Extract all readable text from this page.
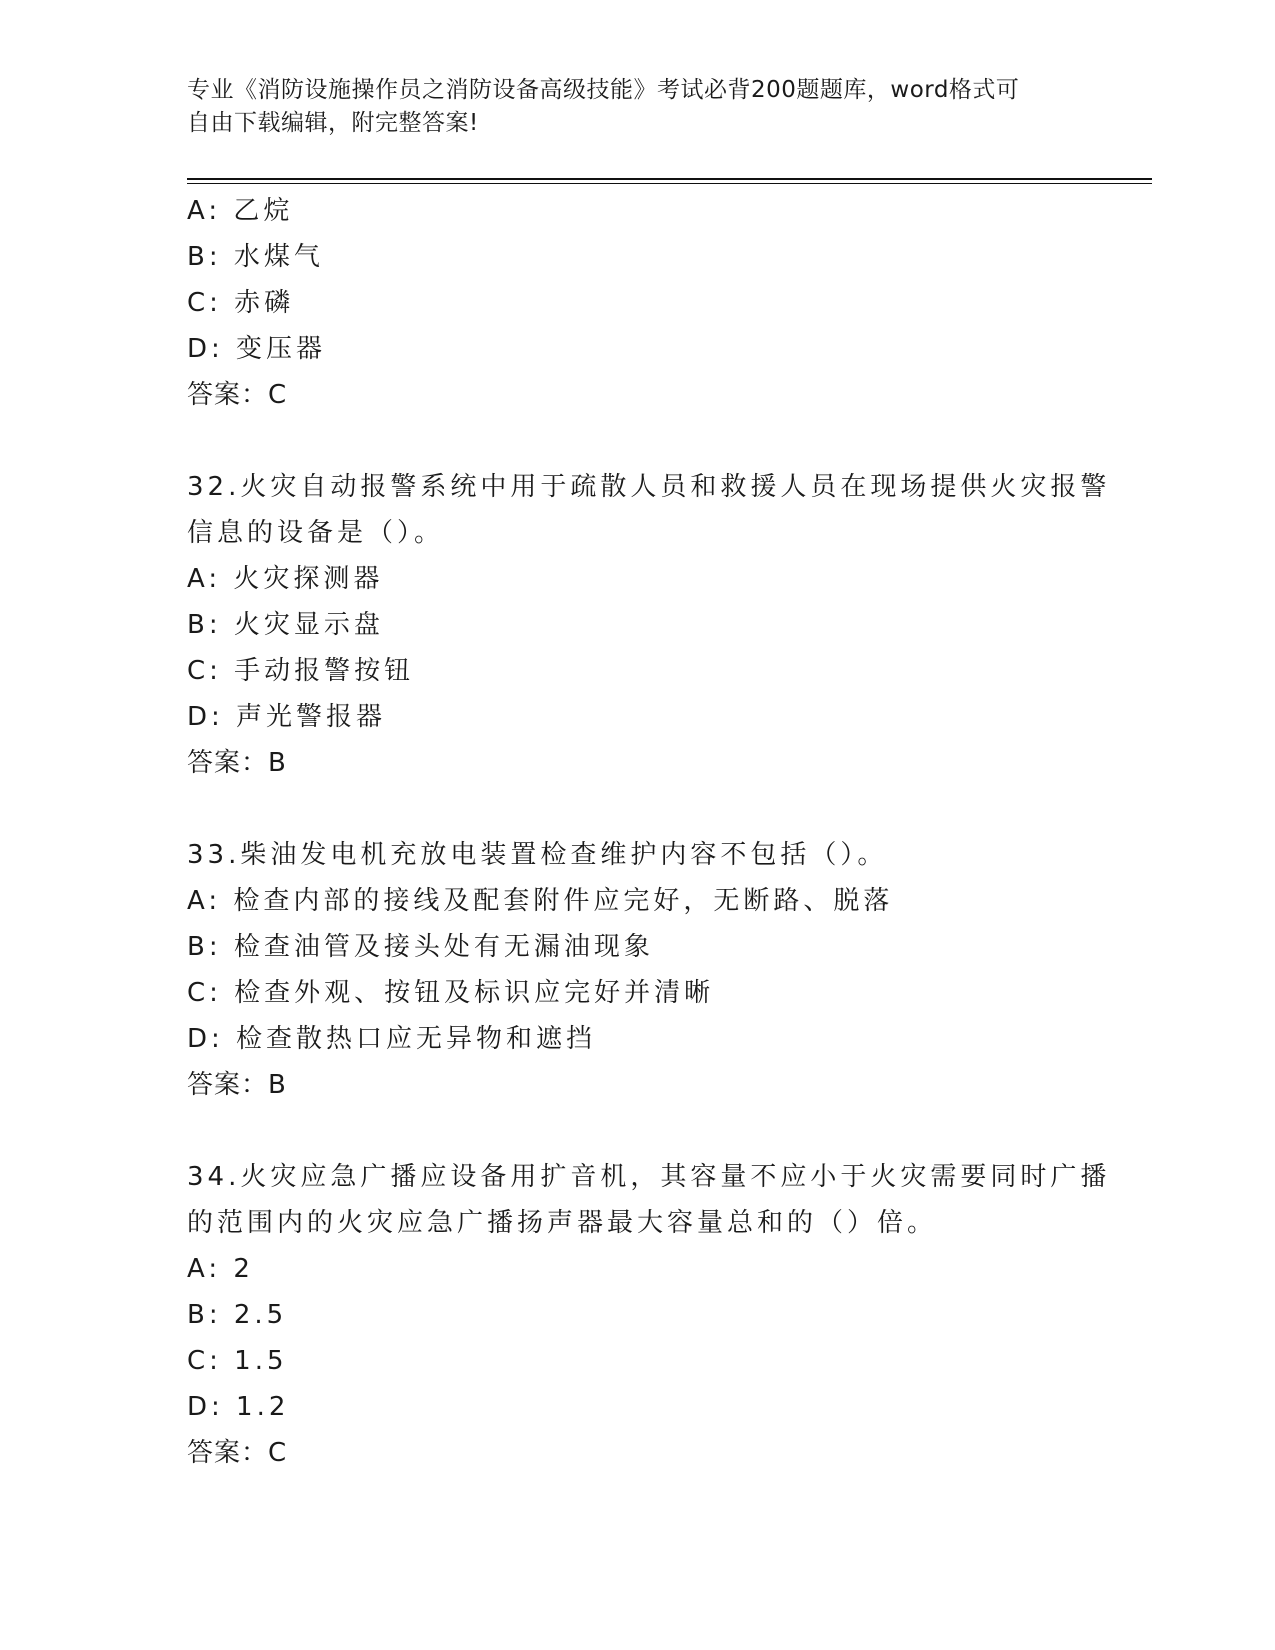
专业《消防设施操作员之消防设备高级技能》考试必背200题题库，word格式可
自由下载编辑，附完整答案!
A: 乙烷
B: 水煤气
C: 赤磷
D: 变压器
答案：C
32.火灾自动报警系统中用于疏散人员和救援人员在现场提供火灾报警
信息的设备是（）。
A: 火灾探测器
B: 火灾显示盘
C: 手动报警按钮
D: 声光警报器
答案：B
33.柴油发电机充放电装置检查维护内容不包括（）。
A: 检查内部的接线及配套附件应完好，无断路、脱落
B: 检查油管及接头处有无漏油现象
C: 检查外观、按钮及标识应完好并清晰
D: 检查散热口应无异物和遮挡
答案：B
34.火灾应急广播应设备用扩音机，其容量不应小于火灾需要同时广播
的范围内的火灾应急广播扬声器最大容量总和的（）倍。
A: 2
B: 2.5
C: 1.5
D: 1.2
答案：C
